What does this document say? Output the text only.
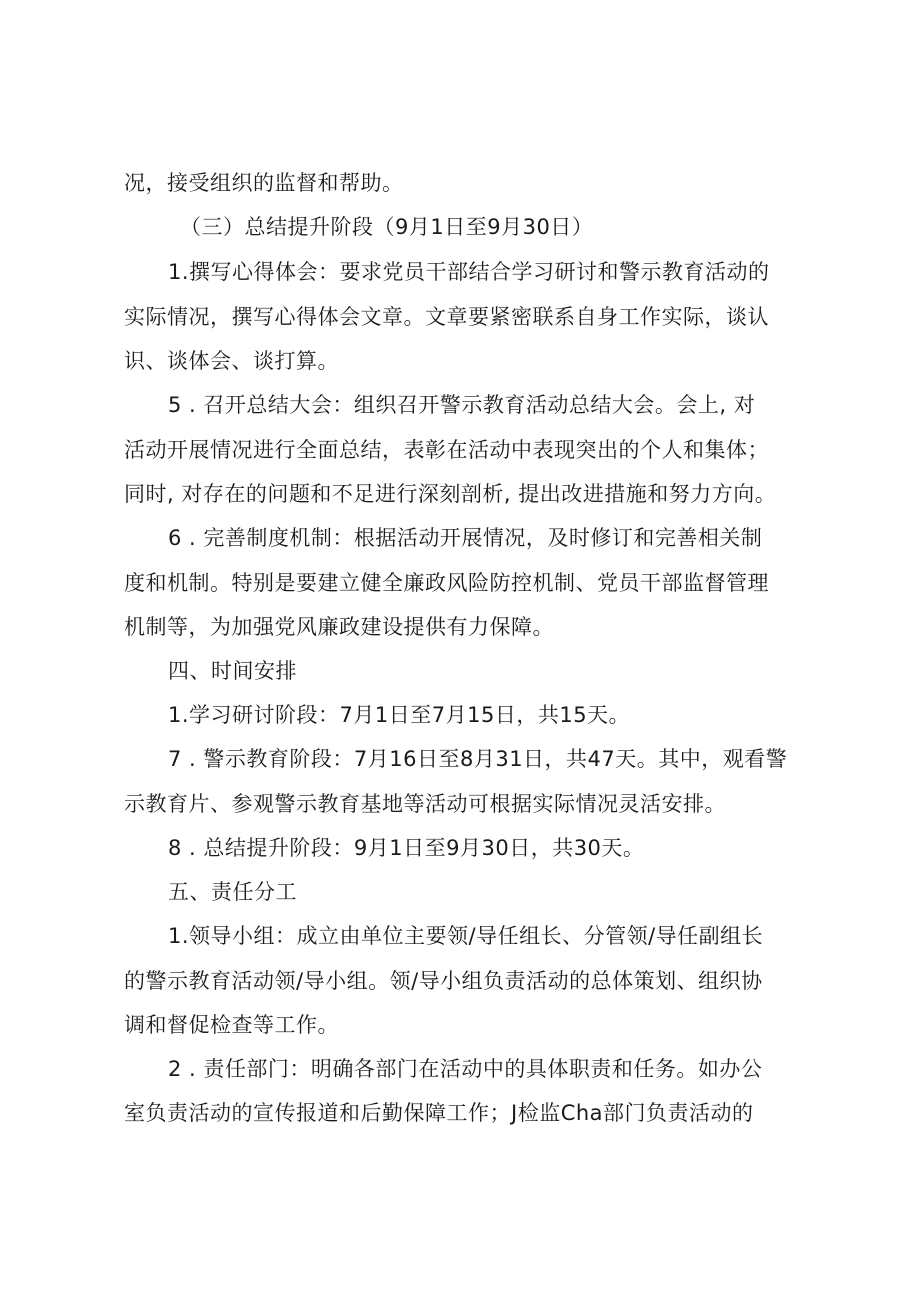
况，接受组织的监督和帮助。
（三）总结提升阶段（9月1日至9月30日）
1.撰写心得体会：要求党员干部结合学习研讨和警示教育活动的
实际情况，撰写心得体会文章。文章要紧密联系自身工作实际，谈认
识、谈体会、谈打算。
5 . 召开总结大会：组织召开警示教育活动总结大会。会上, 对
活动开展情况进行全面总结，表彰在活动中表现突出的个人和集体；
同时, 对存在的问题和不足进行深刻剖析, 提出改进措施和努力方向。
6 . 完善制度机制：根据活动开展情况，及时修订和完善相关制
度和机制。特别是要建立健全廉政风险防控机制、党员干部监督管理
机制等，为加强党风廉政建设提供有力保障。
四、时间安排
1.学习研讨阶段：7月1日至7月15日，共15天。
7 . 警示教育阶段：7月16日至8月31日，共47天。其中，观看警
示教育片、参观警示教育基地等活动可根据实际情况灵活安排。
8 . 总结提升阶段：9月1日至9月30日，共30天。
五、责任分工
1.领导小组：成立由单位主要领/导任组长、分管领/导任副组长
的警示教育活动领/导小组。领/导小组负责活动的总体策划、组织协
调和督促检查等工作。
2 . 责任部门：明确各部门在活动中的具体职责和任务。如办公
室负责活动的宣传报道和后勤保障工作；J检监Cha部门负责活动的
